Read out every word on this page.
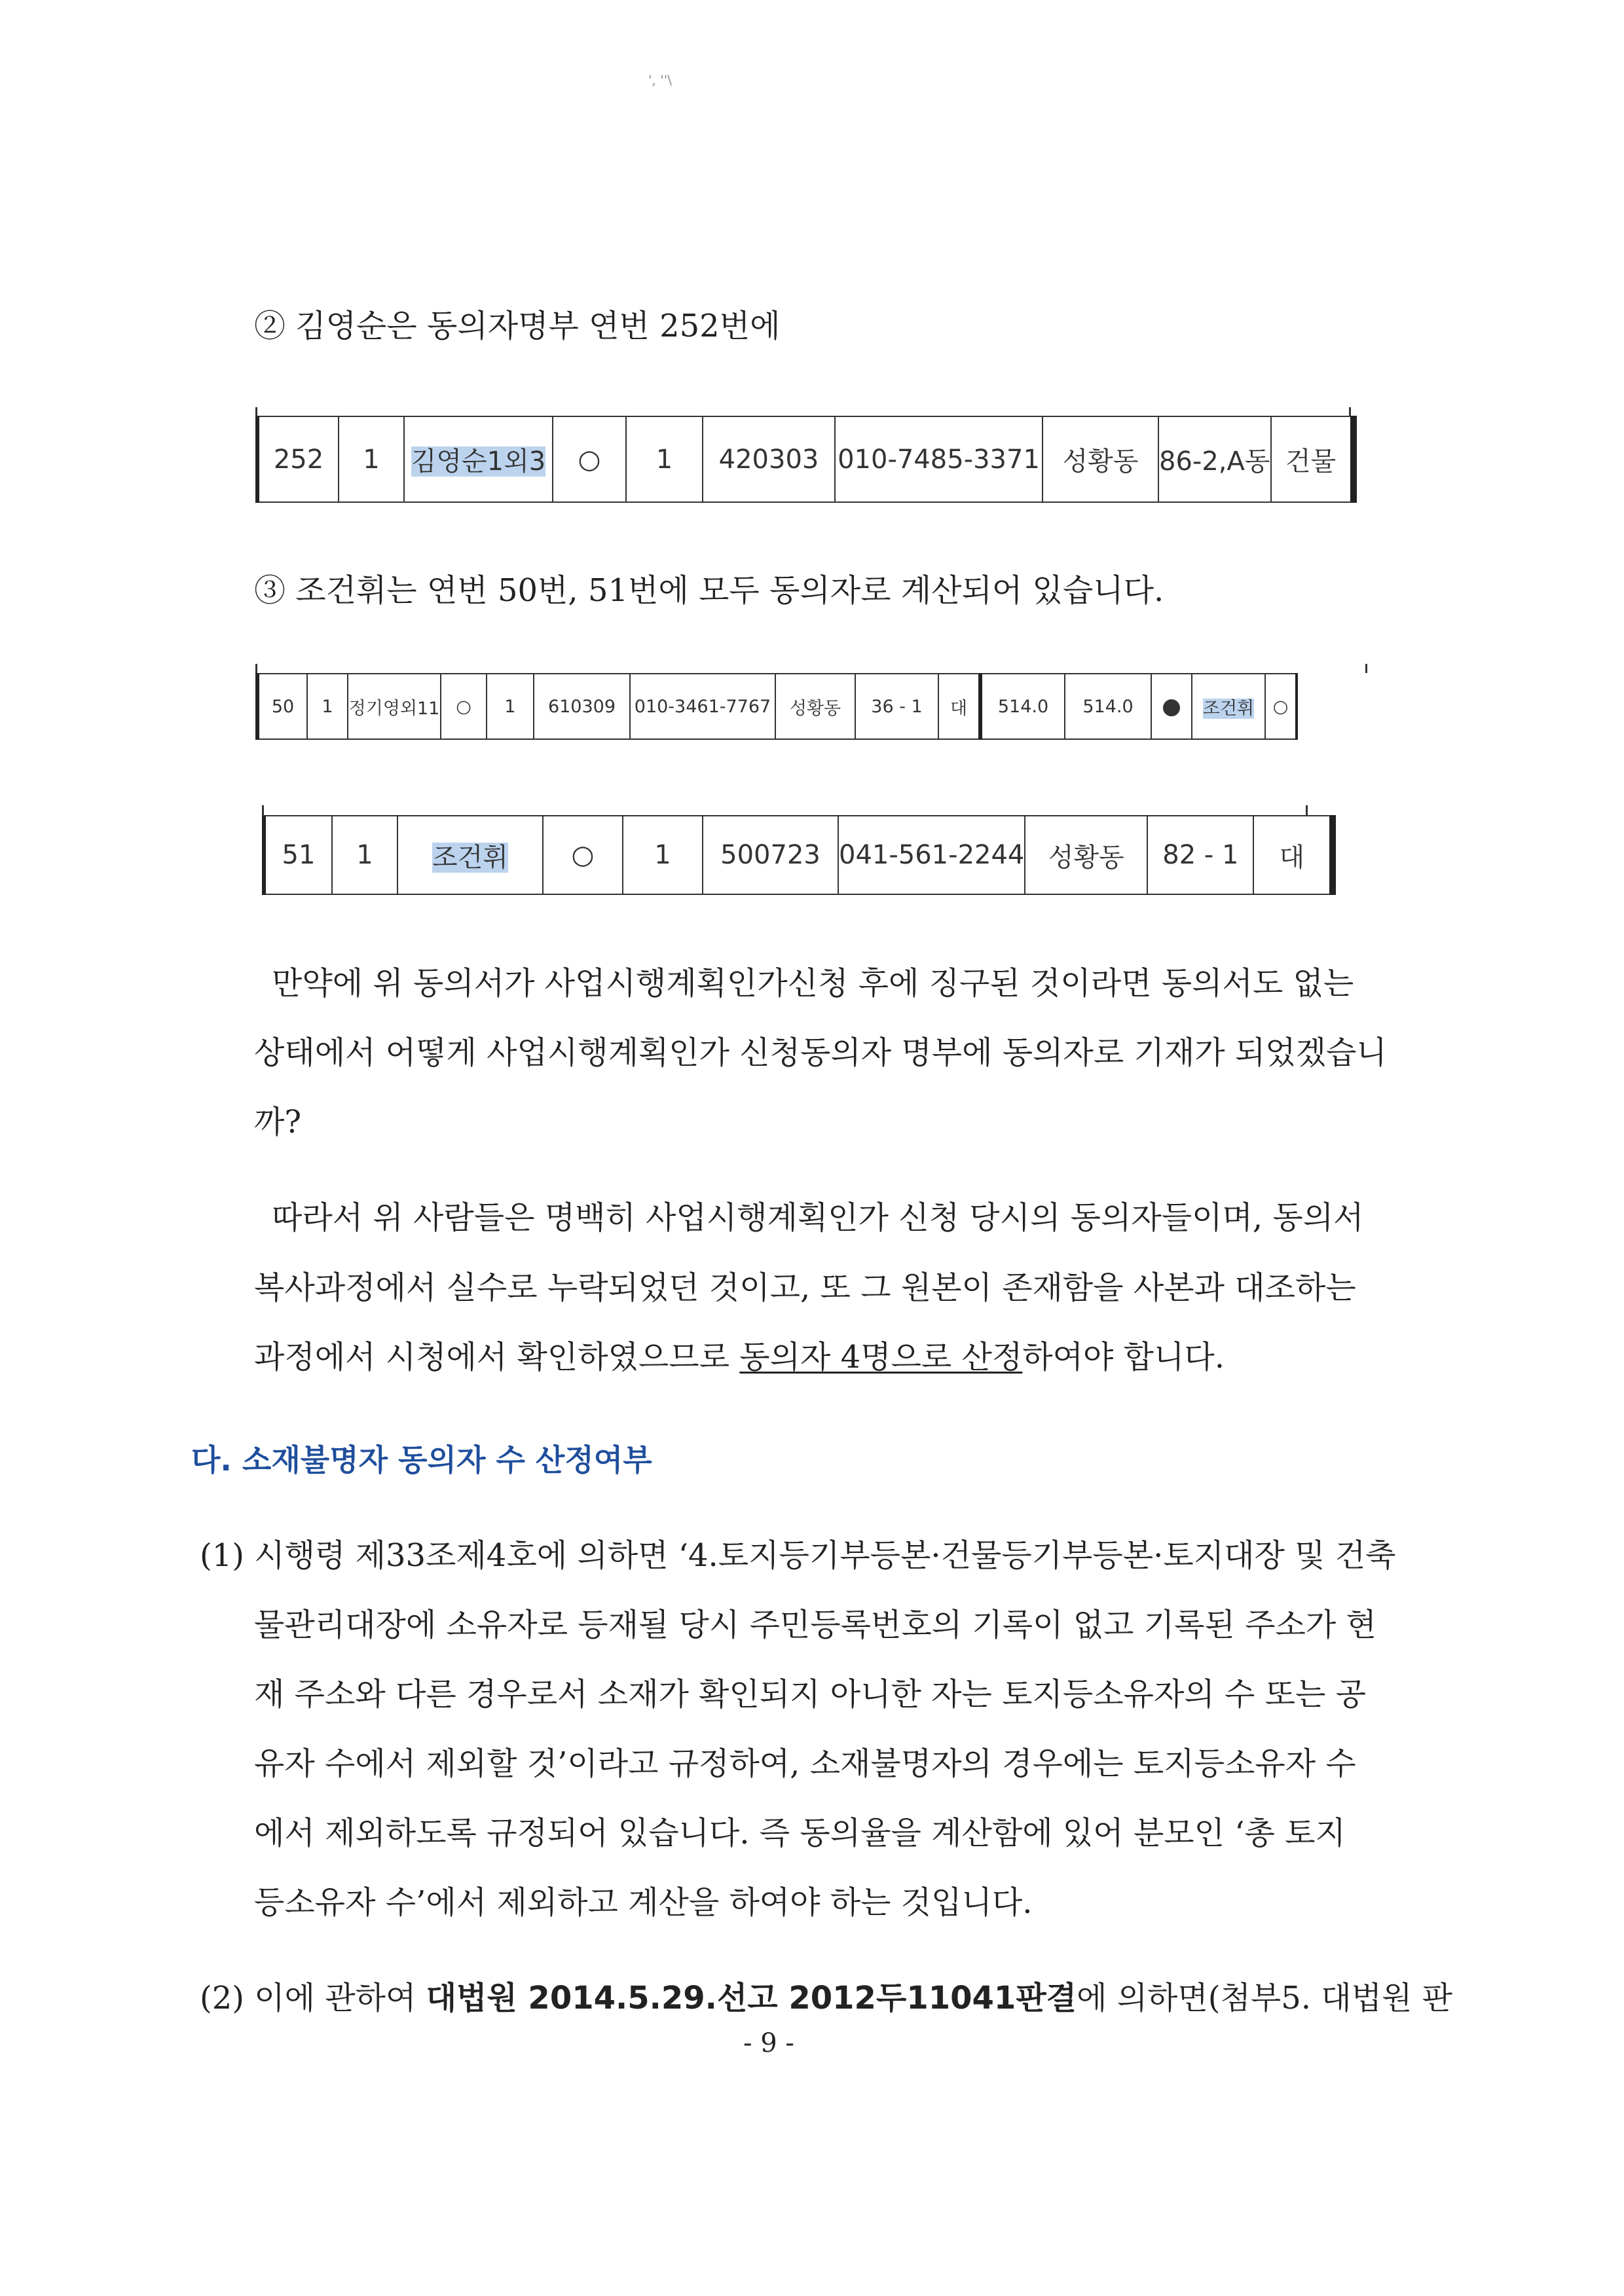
', ''\
② 김영순은 동의자명부 연번 252번에
252	1	김영순1외3	○	1	420303	010-7485-3371	성황동	86-2,A동	건물
③ 조건휘는 연번 50번, 51번에 모두 동의자로 계산되어 있습니다.
50	1	정기영외11	○	1	610309	010-3461-7767	성황동	36 - 1	대	514.0	514.0	●	조건휘	○
51	1	조건휘	○	1	500723	041-561-2244	성황동	82 - 1	대
만약에 위 동의서가 사업시행계획인가신청 후에 징구된 것이라면 동의서도 없는
상태에서 어떻게 사업시행계획인가 신청동의자 명부에 동의자로 기재가 되었겠습니
까?
따라서 위 사람들은 명백히 사업시행계획인가 신청 당시의 동의자들이며, 동의서
복사과정에서 실수로 누락되었던 것이고, 또 그 원본이 존재함을 사본과 대조하는
과정에서 시청에서 확인하였으므로 동의자 4명으로 산정하여야 합니다.
다. 소재불명자 동의자 수 산정여부
(1) 시행령 제33조제4호에 의하면 ‘4.토지등기부등본·건물등기부등본·토지대장 및 건축
물관리대장에 소유자로 등재될 당시 주민등록번호의 기록이 없고 기록된 주소가 현
재 주소와 다른 경우로서 소재가 확인되지 아니한 자는 토지등소유자의 수 또는 공
유자 수에서 제외할 것’이라고 규정하여, 소재불명자의 경우에는 토지등소유자 수
에서 제외하도록 규정되어 있습니다. 즉 동의율을 계산함에 있어 분모인 ‘총 토지
등소유자 수’에서 제외하고 계산을 하여야 하는 것입니다.
(2) 이에 관하여 대법원 2014.5.29.선고 2012두11041판결에 의하면(첨부5. 대법원 판
- 9 -
